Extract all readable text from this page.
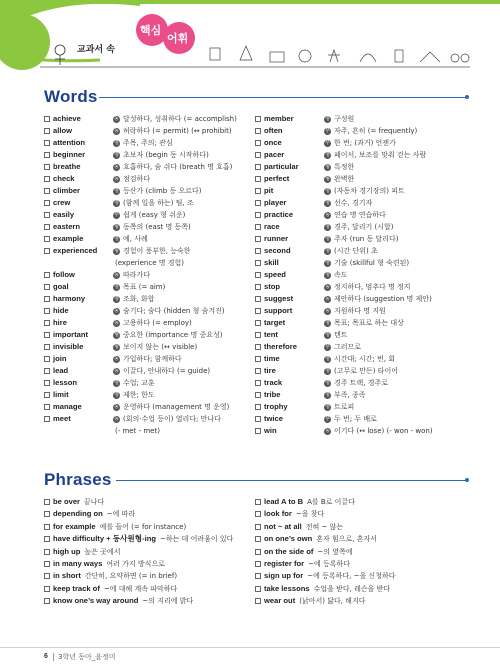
교과서 속
핵심
어휘
Words
achieve	동 달성하다, 성취하다 (= accomplish)
allow	동 허락하다 (= permit) (↔ prohibit)
attention	명 주목, 주의; 관심
beginner	명 초보자 (begin 동 시작하다)
breathe	동 호흡하다, 숨 쉬다 (breath 명 호흡)
check	동 점검하다
climber	명 등산가 (climb 동 오르다)
crew	명 (함께 일을 하는) 팀, 조
easily	부 쉽게 (easy 형 쉬운)
eastern	형 동쪽의 (east 명 동쪽)
example	명 예, 사례
experienced	형 경험이 풍부한, 능숙한
(experience 명 경험)
follow	동 따라가다
goal	명 목표 (= aim)
harmony	명 조화, 화합
hide	동 숨기다; 숨다 (hidden 형 숨겨진)
hire	동 고용하다 (= employ)
important	형 중요한 (importance 명 중요성)
invisible	형 보이지 않는 (↔ visible)
join	동 가입하다; 함께하다
lead	동 이끌다, 안내하다 (= guide)
lesson	명 수업; 교훈
limit	명 제한; 한도
manage	동 운영하다 (management 명 운영)
meet	동 (회의·수업 등이) 열리다; 만나다
(- met - met)
member	명 구성원
often	부 자주, 흔히 (= frequently)
once	부 한 번; (과거) 언젠가
pacer	명 페이서, 보조를 맞춰 걷는 사람
particular	형 특정한
perfect	형 완벽한
pit	명 (자동차 경기장의) 피트
player	명 선수, 경기자
practice	동 연습 명 연습하다
race	명 경주, 달리기 (시합)
runner	명 주자 (run 동 달리다)
second	명 (시간 단위) 초
skill	명 기술 (skillful 형 숙련된)
speed	명 속도
stop	동 정지하다, 멈추다 명 정지
suggest	동 제안하다 (suggestion 명 제안)
support	동 지원하다 명 지원
target	명 목표; 목표로 하는 대상
tent	명 텐트
therefore	부 그러므로
time	명 시간대; 시간; 번, 회
tire	명 (고무로 만든) 타이어
track	명 경주 트랙, 경주로
tribe	명 부족, 종족
trophy	명 트로피
twice	부 두 번; 두 배로
win	동 이기다 (↔ lose) (- won - won)
Phrases
be over 끝나다
depending on ~에 따라
for example 예를 들어 (= for instance)
have difficulty + 동사원형-ing ~하는 데 어려움이 있다
high up 높은 곳에서
in many ways 여러 가지 방식으로
in short 간단히, 요약하면 (= in brief)
keep track of ~에 대해 계속 파악하다
know one’s way around ~의 지리에 밝다
lead A to B A를 B로 이끌다
look for ~을 찾다
not ~ at all 전혀 ~ 않는
on one’s own 혼자 힘으로, 혼자서
on the side of ~의 옆쪽에
register for ~에 등록하다
sign up for ~에 등록하다, ~을 신청하다
take lessons 수업을 받다, 레슨을 받다
wear out (낡아서) 닳다, 해지다
6 3학년 동아_윤정미
